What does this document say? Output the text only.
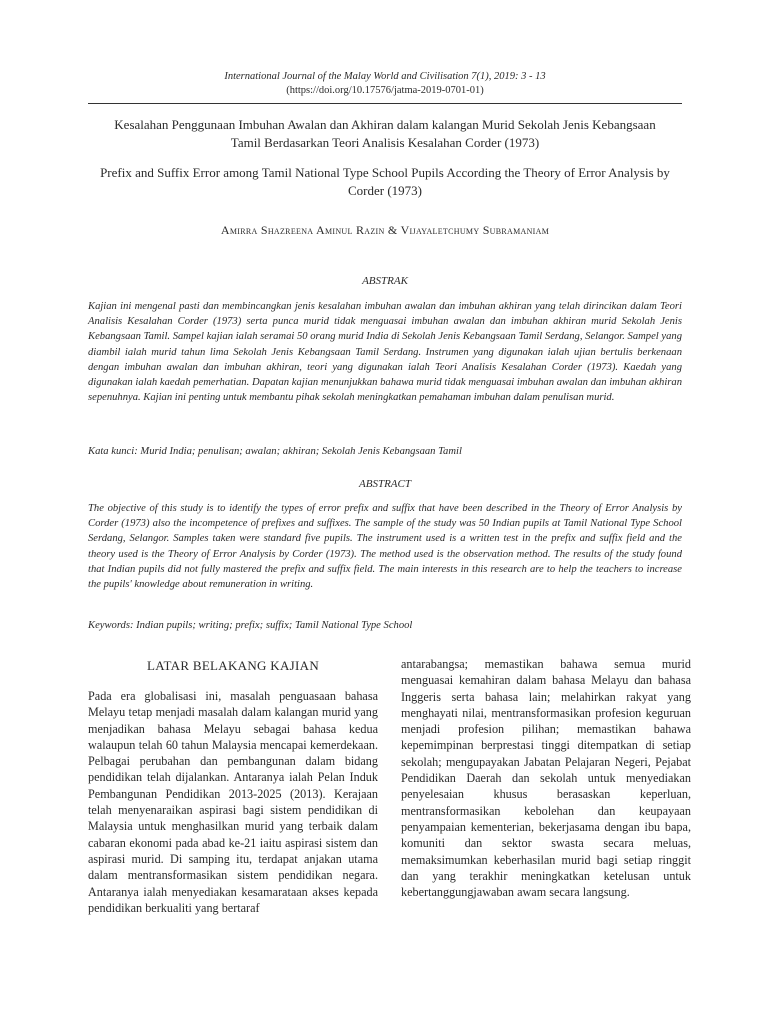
International Journal of the Malay World and Civilisation 7(1), 2019: 3 - 13
(https://doi.org/10.17576/jatma-2019-0701-01)
Kesalahan Penggunaan Imbuhan Awalan dan Akhiran dalam kalangan Murid Sekolah Jenis Kebangsaan Tamil Berdasarkan Teori Analisis Kesalahan Corder (1973)
Prefix and Suffix Error among Tamil National Type School Pupils According the Theory of Error Analysis by Corder (1973)
Amirra Shazreena Aminul Razin & Vijayaletchumy Subramaniam
ABSTRAK
Kajian ini mengenal pasti dan membincangkan jenis kesalahan imbuhan awalan dan imbuhan akhiran yang telah dirincikan dalam Teori Analisis Kesalahan Corder (1973) serta punca murid tidak menguasai imbuhan awalan dan imbuhan akhiran murid Sekolah Jenis Kebangsaan Tamil. Sampel kajian ialah seramai 50 orang murid India di Sekolah Jenis Kebangsaan Tamil Serdang, Selangor. Sampel yang diambil ialah murid tahun lima Sekolah Jenis Kebangsaan Tamil Serdang. Instrumen yang digunakan ialah ujian bertulis berkenaan dengan imbuhan awalan dan imbuhan akhiran, teori yang digunakan ialah Teori Analisis Kesalahan Corder (1973). Kaedah yang digunakan ialah kaedah pemerhatian. Dapatan kajian menunjukkan bahawa murid tidak menguasai imbuhan awalan dan imbuhan akhiran sepenuhnya. Kajian ini penting untuk membantu pihak sekolah meningkatkan pemahaman imbuhan dalam penulisan murid.
Kata kunci: Murid India; penulisan; awalan; akhiran; Sekolah Jenis Kebangsaan Tamil
ABSTRACT
The objective of this study is to identify the types of error prefix and suffix that have been described in the Theory of Error Analysis by Corder (1973) also the incompetence of prefixes and suffixes. The sample of the study was 50 Indian pupils at Tamil National Type School Serdang, Selangor. Samples taken were standard five pupils. The instrument used is a written test in the prefix and suffix field and the theory used is the Theory of Error Analysis by Corder (1973). The method used is the observation method. The results of the study found that Indian pupils did not fully mastered the prefix and suffix field. The main interests in this research are to help the teachers to increase the pupils' knowledge about remuneration in writing.
Keywords: Indian pupils; writing; prefix; suffix; Tamil National Type School
LATAR BELAKANG KAJIAN
Pada era globalisasi ini, masalah penguasaan bahasa Melayu tetap menjadi masalah dalam kalangan murid yang menjadikan bahasa Melayu sebagai bahasa kedua walaupun telah 60 tahun Malaysia mencapai kemerdekaan. Pelbagai perubahan dan pembangunan dalam bidang pendidikan telah dijalankan. Antaranya ialah Pelan Induk Pembangunan Pendidikan 2013-2025 (2013). Kerajaan telah menyenaraikan aspirasi bagi sistem pendidikan di Malaysia untuk menghasilkan murid yang terbaik dalam cabaran ekonomi pada abad ke-21 iaitu aspirasi sistem dan aspirasi murid. Di samping itu, terdapat anjakan utama dalam mentransformasikan sistem pendidikan negara. Antaranya ialah menyediakan kesamarataan akses kepada pendidikan berkualiti yang bertaraf
antarabangsa; memastikan bahawa semua murid menguasai kemahiran dalam bahasa Melayu dan bahasa Inggeris serta bahasa lain; melahirkan rakyat yang menghayati nilai, mentransformasikan profesion keguruan menjadi profesion pilihan; memastikan bahawa kepemimpinan berprestasi tinggi ditempatkan di setiap sekolah; mengupayakan Jabatan Pelajaran Negeri, Pejabat Pendidikan Daerah dan sekolah untuk menyediakan penyelesaian khusus berasaskan keperluan, mentransformasikan kebolehan dan keupayaan penyampaian kementerian, bekerjasama dengan ibu bapa, komuniti dan sektor swasta secara meluas, memaksimumkan keberhasilan murid bagi setiap ringgit dan yang terakhir meningkatkan ketelusan untuk kebertanggungjawaban awam secara langsung.
